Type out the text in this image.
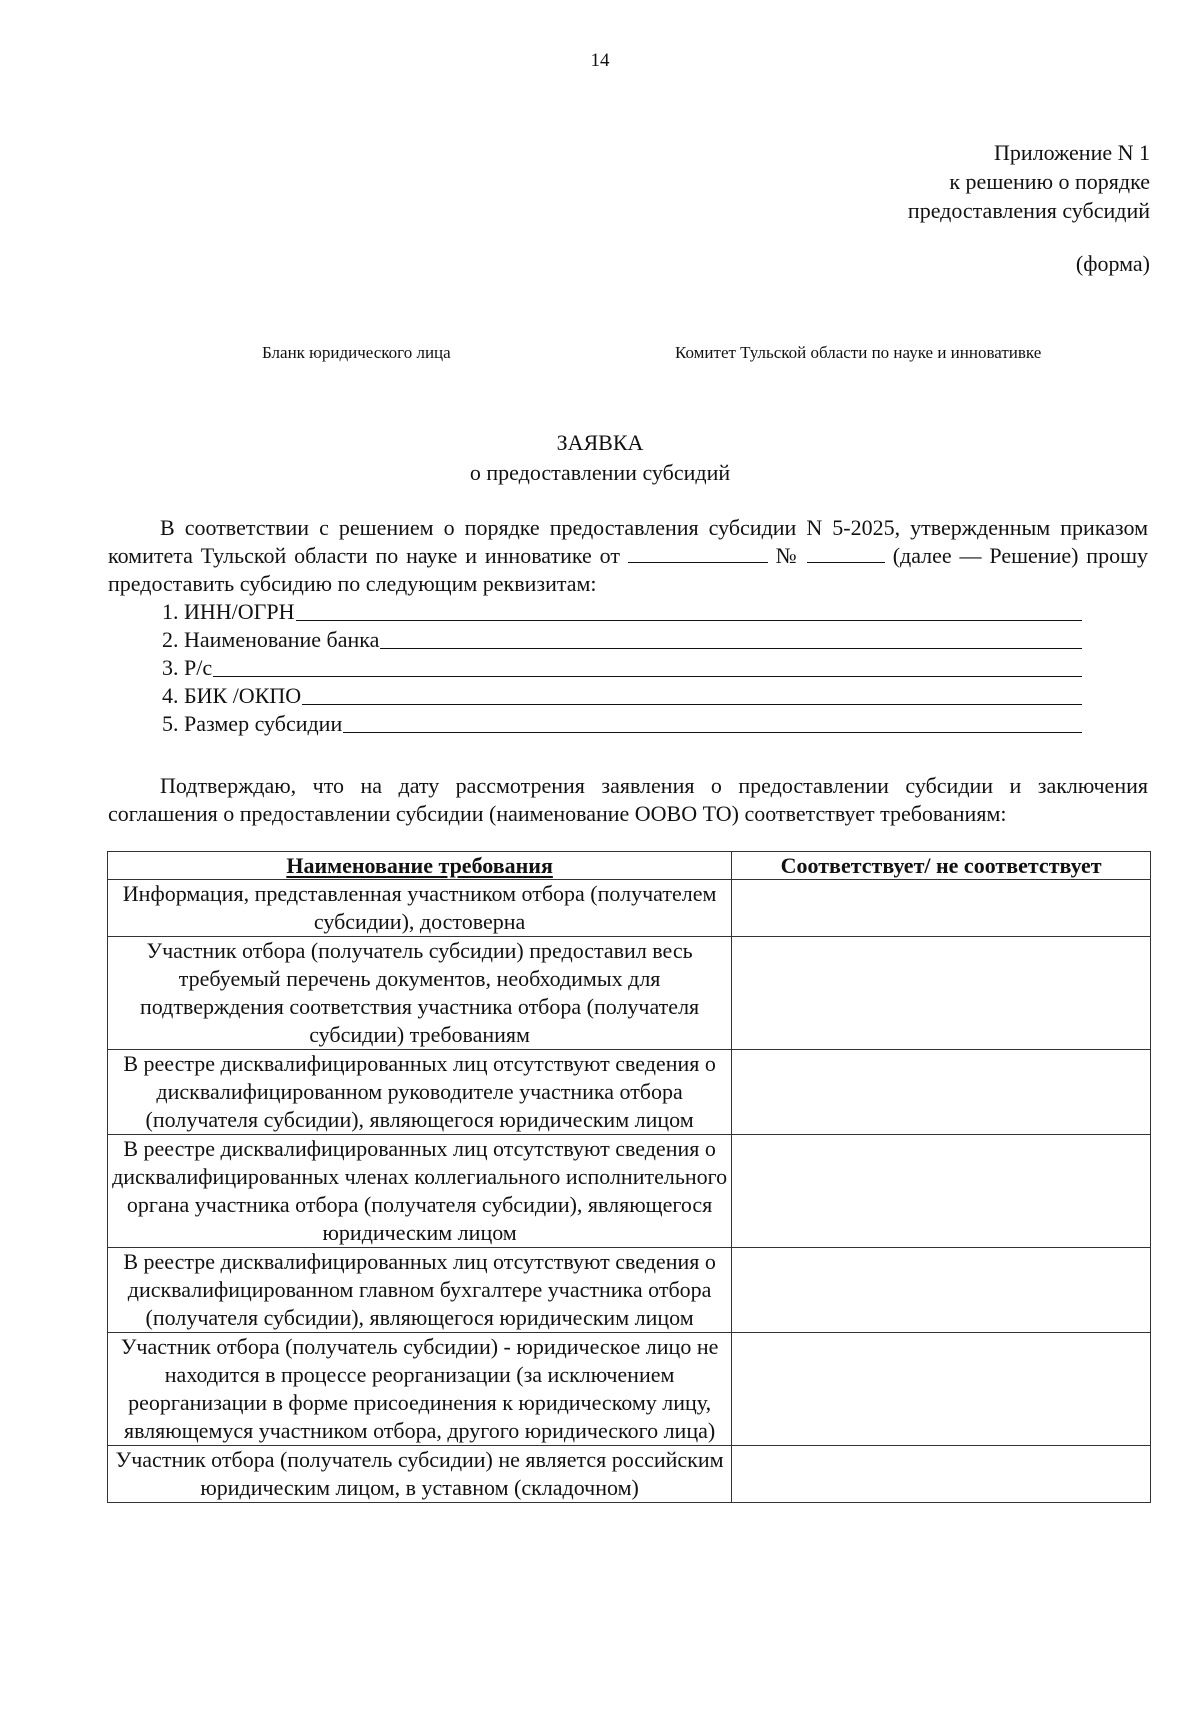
14
Приложение N 1
к решению о порядке
предоставления субсидий
(форма)
Бланк юридического лица	Комитет Тульской области по науке и инновативке
ЗАЯВКА
о предоставлении субсидий
В соответствии с решением о порядке предоставления субсидии N 5-2025, утвержденным приказом комитета Тульской области по науке и инноватике от	№	(далее — Решение) прошу предоставить субсидию по следующим реквизитам:
1. ИНН/ОГРН
2. Наименование банка
3. Р/с
4. БИК /ОКПО
5. Размер субсидии
Подтверждаю, что на дату рассмотрения заявления о предоставлении субсидии и заключения соглашения о предоставлении субсидии (наименование ООВО ТО) соответствует требованиям:
Наименование требования	Соответствует/ не соответствует
Информация, представленная участником отбора (получателем субсидии), достоверна	
Участник отбора (получатель субсидии) предоставил весь требуемый перечень документов, необходимых для подтверждения соответствия участника отбора (получателя субсидии) требованиям	
В реестре дисквалифицированных лиц отсутствуют сведения о дисквалифицированном руководителе участника отбора (получателя субсидии), являющегося юридическим лицом	
В реестре дисквалифицированных лиц отсутствуют сведения о дисквалифицированных членах коллегиального исполнительного органа участника отбора (получателя субсидии), являющегося юридическим лицом	
В реестре дисквалифицированных лиц отсутствуют сведения о дисквалифицированном главном бухгалтере участника отбора (получателя субсидии), являющегося юридическим лицом	
Участник отбора (получатель субсидии) - юридическое лицо не находится в процессе реорганизации (за исключением реорганизации в форме присоединения к юридическому лицу, являющемуся участником отбора, другого юридического лица)	
Участник отбора (получатель субсидии) не является российским юридическим лицом, в уставном (складочном)	
